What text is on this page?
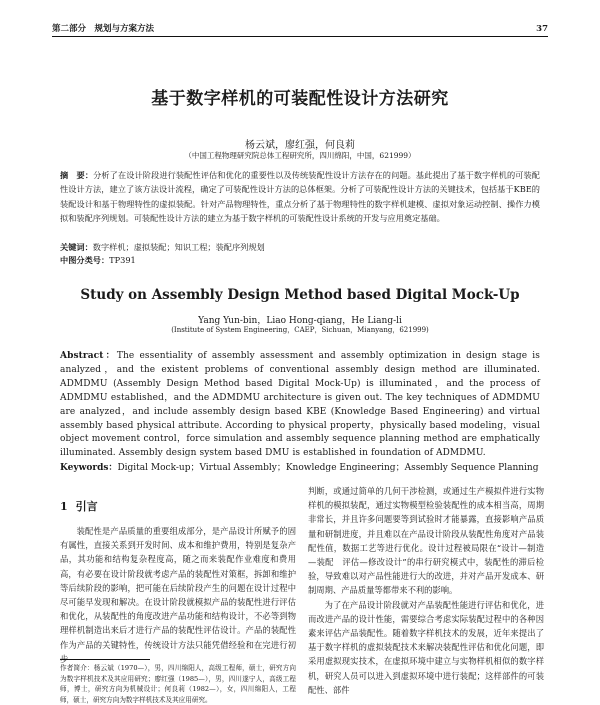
第二部分　规划与方案方法	37
基于数字样机的可装配性设计方法研究
杨云斌，廖红强，何良莉
（中国工程物理研究院总体工程研究所，四川绵阳，中国，621999）
摘　要：分析了在设计阶段进行装配性评估和优化的重要性以及传统装配性设计方法存在的问题。基此提出了基于数字样机的可装配性设计方法，建立了该方法设计流程，确定了可装配性设计方法的总体框架。分析了可装配性设计方法的关键技术，包括基于KBE的装配设计和基于物理特性的虚拟装配。针对产品物理特性，重点分析了基于物理特性的数字样机建模、虚拟对象运动控制、操作力模拟和装配序列规划。可装配性设计方法的建立为基于数字样机的可装配性设计系统的开发与应用奠定基础。
关键词：数字样机；虚拟装配；知识工程；装配序列规划
中图分类号：TP391
Study on Assembly Design Method based Digital Mock-Up
Yang Yun-bin，Liao Hong-qiang，He Liang-li
(Institute of System Engineering，CAEP，Sichuan，Mianyang，621999)
Abstract：The essentiality of assembly assessment and assembly optimization in design stage is analyzed，and the existent problems of conventional assembly design method are illuminated. ADMDMU (Assembly Design Method based Digital Mock-Up) is illuminated，and the process of ADMDMU established，and the ADMDMU architecture is given out. The key techniques of ADMDMU are analyzed，and include assembly design based KBE (Knowledge Based Engineering) and virtual assembly based physical attribute. According to physical property，physically based modeling，visual object movement control，force simulation and assembly sequence planning method are emphatically illuminated. Assembly design system based DMU is established in foundation of ADMDMU.
Keywords：Digital Mock-up；Virtual Assembly；Knowledge Engineering；Assembly Sequence Planning
1 引言

装配性是产品质量的重要组成部分，是产品设计所赋予的固有属性，直接关系到开发时间、成本和维护费用，特别是复杂产品，其功能和结构复杂程度高，随之而来装配作业难度和费用高，有必要在设计阶段就考虑产品的装配性对策框，拆卸和维护等后续阶段的影响，把可能在后续阶段产生的问题在设计过程中尽可能早发现和解决。在设计阶段就模拟产品的装配性进行评估和优化，从装配性的角度改进产品功能和结构设计，不必等到物理样机制造出来后才进行产品的装配性评估设计。产品的装配性作为产品的关键特性，传统设计方法只能凭借经验和在完进行初步

判断，或通过简单的几何干涉检测，或通过生产模拟件进行实物样机的模拟装配，通过实物模型检验装配性的成本相当高，周期非常长，并且许多问题要等到试验时才能暴露，直接影响产品质量和研制进度，并且难以在产品设计阶段从装配性角度对产品装配性值，数据工艺等进行优化。设计过程被局限在“设计—制造—装配　评估—修改设计”的串行研究模式中，装配性的滞后检验，导致难以对产品性能进行大的改进，并对产品开发成本、研制周期、产品质量等都带来不利的影响。

为了在产品设计阶段就对产品装配性能进行评估和优化，进而改进产品的设计性能，需要综合考虑实际装配过程中的各种因素来评估产品装配性。随着数字样机技术的发展，近年来提出了基于数字样机的虚拟装配技术来解决装配性评估和优化问题，即采用虚拟现实技术，在虚拟环境中建立与实物样机相似的数字样机，研究人员可以进入到虚拟环境中进行装配；这样部件的可装配性、部件

作者简介：杨云斌（1970—），男，四川绵阳人，高级工程师，硕士，研究方向为数字样机技术及其应用研究；廖红强（1985—），男，四川遂宁人，高级工程师，博士，研究方向为机械设计；何良莉（1982—），女，四川绵阳人，工程师，硕士，研究方向为数字样机技术及其应用研究。
